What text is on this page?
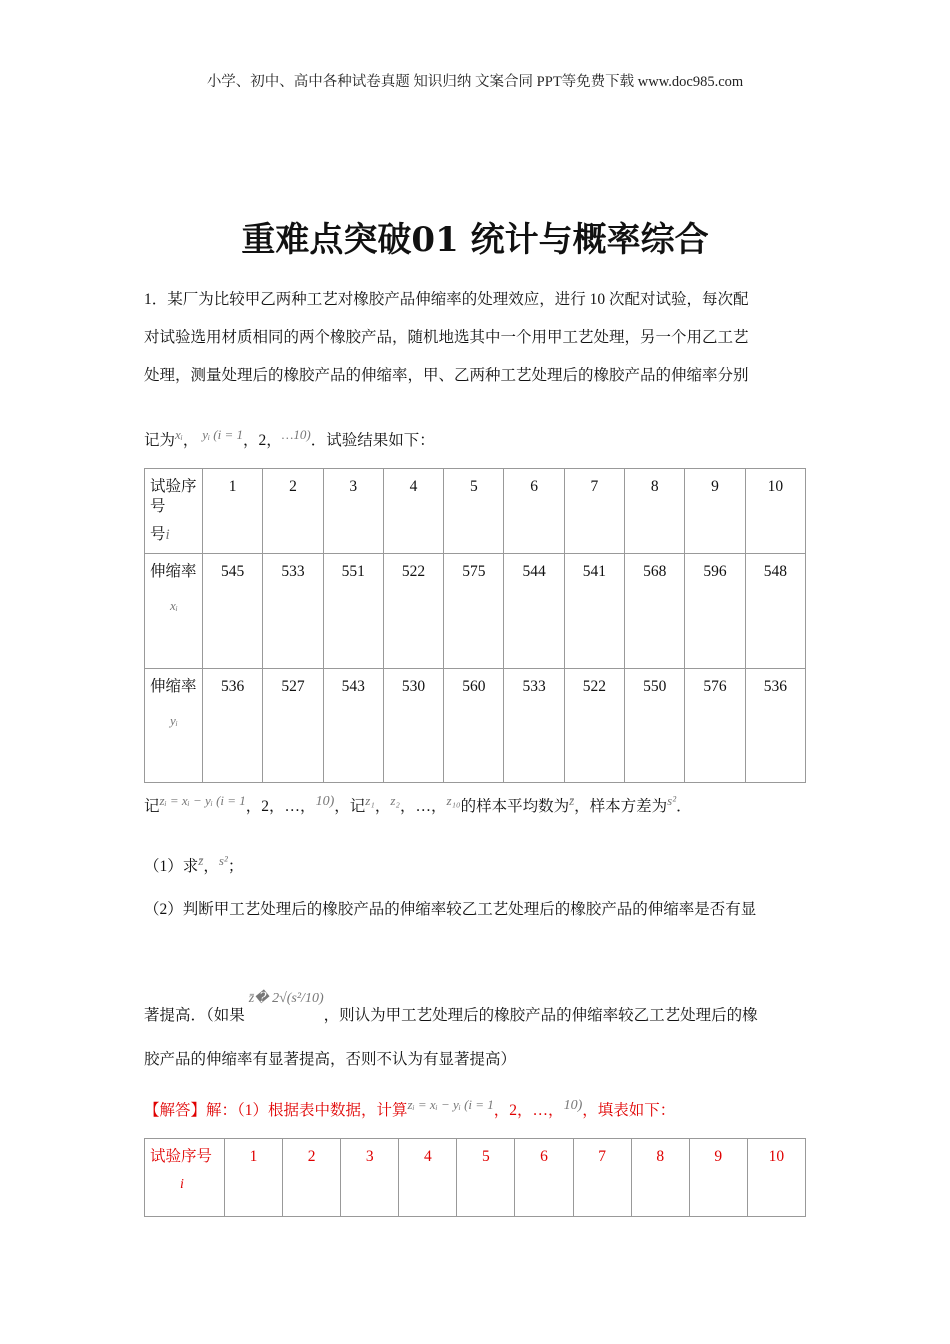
小学、初中、高中各种试卷真题 知识归纳 文案合同 PPT等免费下载 www.doc985.com
重难点突破01 统计与概率综合
1．某厂为比较甲乙两种工艺对橡胶产品伸缩率的处理效应，进行 10 次配对试验，每次配
对试验选用材质相同的两个橡胶产品，随机地选其中一个用甲工艺处理，另一个用乙工艺
处理，测量处理后的橡胶产品的伸缩率，甲、乙两种工艺处理后的橡胶产品的伸缩率分别
记为$^{xᵢ}$， $^{yᵢ (i = 1}$，2，$^{\dots 10)}$．试验结果如下：
试验序号
号i	1	2	3	4	5	6	7	8	9	10
伸缩率
xᵢ	545	533	551	522	575	544	541	568	596	548
伸缩率
yᵢ	536	527	543	530	560	533	522	550	576	536
记$^{zᵢ = xᵢ - yᵢ (i = 1}$，2，…，$^{10)}$，记$^{z_1}$，$^{z_2}$，…，$^{z_{10}}$的样本平均数为$^{z̄}$，样本方差为$^{s^2}$．
（1）求$^{z̄}$，$^{s^2}$；
（2）判断甲工艺处理后的橡胶产品的伸缩率较乙工艺处理后的橡胶产品的伸缩率是否有显
著提高．（如果z̄� 2√(s²/10)，则认为甲工艺处理后的橡胶产品的伸缩率较乙工艺处理后的橡
胶产品的伸缩率有显著提高，否则不认为有显著提高）
【解答】解：（1）根据表中数据，计算$^{zᵢ = xᵢ - yᵢ (i = 1}$，2，…，$^{10)}$，填表如下：
试验序号
i	1	2	3	4	5	6	7	8	9	10
